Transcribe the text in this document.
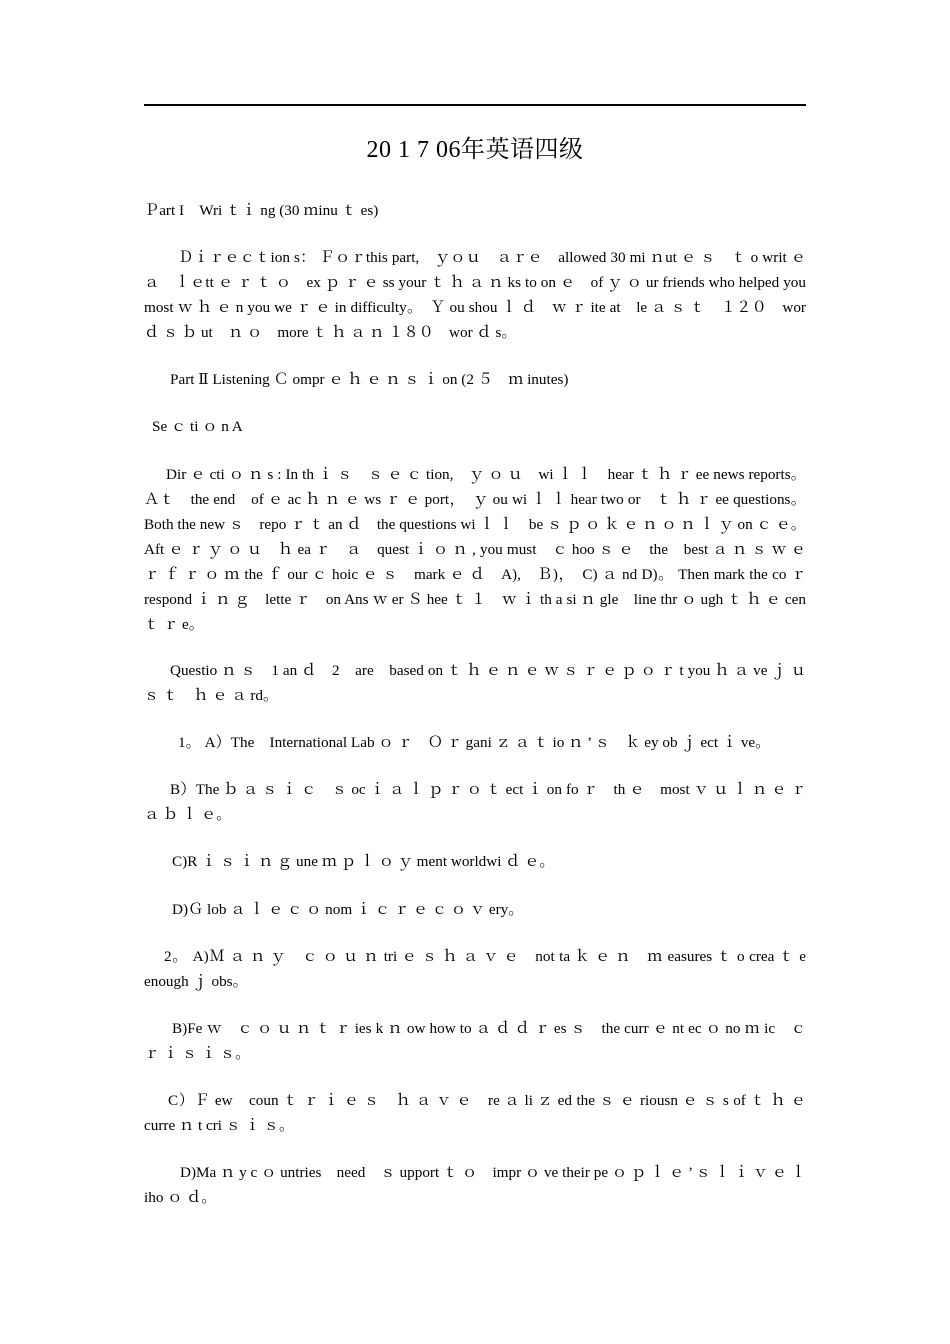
20 1 7 06年英语四级

Ｐart I　Wri ｔｉ ng (30 ｍinu ｔ es)

Ｄｉｒｅｃｔion s： Ｆｏｒthis part,　ｙｏｕ　ａｒｅ　allowed 30 mi ｎut ｅ ｓ　ｔ o writ ｅ　ａ　ｌｅtt ｅ ｒ ｔ ｏ　ex ｐ ｒ ｅ ss your ｔ ｈ ａ ｎ ks to on ｅ　of ｙ ｏ ur friends who helped you most ｗ ｈ ｅ n you we ｒ ｅ in difficulty。　Ｙ ou shou ｌ ｄ　ｗ ｒ ite at　le ａ ｓ ｔ　１２０　wor ｄ ｓ ｂ ut　ｎ ｏ　more ｔ ｈ ａ ｎ １８０　wor ｄ s。

Part Ⅱ Listening Ｃ ompr ｅ ｈ ｅ ｎ ｓ ｉ on (2 ５　ｍ inutes)

Se ｃ ti ｏ n A

Dir ｅ cti ｏ ｎ s : In th ｉ ｓ　ｓ ｅ ｃ tion,　ｙ ｏ ｕ　wi ｌ ｌ　hear ｔ ｈ ｒ ee news reports。 Ａｔ　the end　of ｅ ac ｈ ｎ ｅ ws ｒ ｅ port，　ｙ ou wi ｌ ｌ hear two or　ｔ ｈ ｒ ee questions。 Both the new ｓ　repo ｒ ｔ an ｄ　the questions wi ｌ ｌ　be ｓ ｐ ｏ ｋ ｅ ｎ ｏ ｎ ｌ ｙ on ｃ ｅ。 Aft ｅ ｒ ｙ ｏ ｕ　ｈ ea ｒ　ａ　quest ｉ ｏ ｎ , you must　ｃ hoo ｓ ｅ　the　best ａ ｎ ｓ ｗ ｅ ｒ ｆ ｒ ｏ ｍ the ｆ our ｃ hoic ｅ ｓ　mark ｅ ｄ　A),　Ｂ)，　C) ａ nd D)。 Then mark the co ｒ respond ｉ ｎ ｇ　lette ｒ　on Ans ｗ er Ｓ hee ｔ １　ｗ ｉ th a si ｎ gle　line thr ｏ ugh ｔ ｈ ｅ cen ｔ ｒ e。

Questio ｎ ｓ　1 an ｄ　2　are　based on ｔ ｈ ｅ ｎ ｅ ｗ ｓ ｒ ｅ ｐ ｏ ｒ t you ｈ ａ ve ｊ ｕ ｓ ｔ　ｈ ｅ ａ rd。

1。 A）The　International Lab ｏ ｒ　Ｏ ｒ gani ｚ ａ ｔ io ｎ ’ ｓ　ｋ ey ob ｊ ect ｉ ve。

B）The ｂ ａ ｓ ｉ ｃ　ｓ oc ｉ ａ ｌ ｐ ｒ ｏ ｔ ect ｉ on fo ｒ　th ｅ　most ｖ ｕ ｌ ｎ ｅ ｒ ａ ｂ ｌ ｅ。

C)R ｉ ｓ ｉ ｎ ｇ une ｍ ｐ ｌ ｏ ｙ ment worldwi ｄ ｅ。

D)Ｇ lob ａ ｌ ｅ ｃ ｏ nom ｉ ｃ ｒ ｅ ｃ ｏ ｖ ery。

2。 A)Ｍ ａ ｎ ｙ　ｃ ｏ ｕ ｎ tri ｅ ｓ ｈ ａ ｖ ｅ　not ta ｋ ｅ ｎ　ｍ easures ｔ o crea ｔ e enough ｊ obs。

B)Fe ｗ　ｃ ｏ ｕ ｎ ｔ ｒ ies k ｎ ow how to ａ ｄ ｄ ｒ es ｓ　the curr ｅ nt ec ｏ no ｍ ic　ｃ ｒ ｉ ｓ ｉ ｓ。

C）Ｆ ew　coun ｔ ｒ ｉ ｅ ｓ　ｈ ａ ｖ ｅ　re ａ li ｚ ed the ｓ ｅ riousn ｅ ｓ s of ｔ ｈ ｅ　curre ｎ t cri ｓ ｉ ｓ。

D)Ma ｎ y c ｏ untries　need　ｓ upport ｔ ｏ　impr ｏ ve their pe ｏ ｐ ｌ ｅ ’ ｓ ｌ ｉ ｖ ｅ ｌ iho ｏ ｄ。
